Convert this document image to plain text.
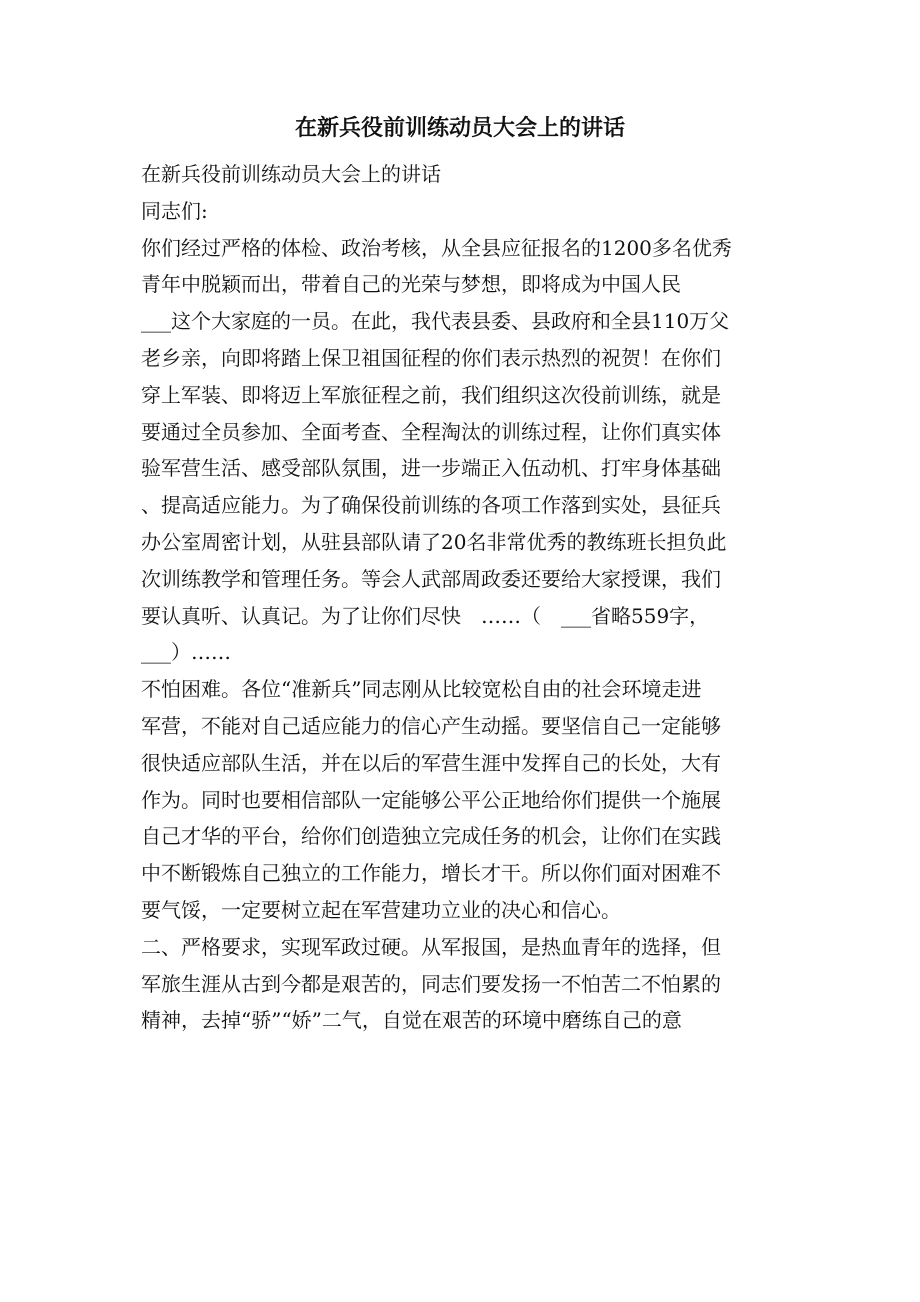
在新兵役前训练动员大会上的讲话
在新兵役前训练动员大会上的讲话
同志们:
你们经过严格的体检、政治考核，从全县应征报名的1200多名优秀
青年中脱颖而出，带着自己的光荣与梦想，即将成为中国人民
___这个大家庭的一员。在此，我代表县委、县政府和全县110万父
老乡亲，向即将踏上保卫祖国征程的你们表示热烈的祝贺！在你们
穿上军装、即将迈上军旅征程之前，我们组织这次役前训练，就是
要通过全员参加、全面考查、全程淘汰的训练过程，让你们真实体
验军营生活、感受部队氛围，进一步端正入伍动机、打牢身体基础
、提高适应能力。为了确保役前训练的各项工作落到实处，县征兵
办公室周密计划，从驻县部队请了20名非常优秀的教练班长担负此
次训练教学和管理任务。等会人武部周政委还要给大家授课，我们
要认真听、认真记。为了让你们尽快　……（　___省略559字，
___）……
不怕困难。各位“准新兵”同志刚从比较宽松自由的社会环境走进
军营，不能对自己适应能力的信心产生动摇。要坚信自己一定能够
很快适应部队生活，并在以后的军营生涯中发挥自己的长处，大有
作为。同时也要相信部队一定能够公平公正地给你们提供一个施展
自己才华的平台，给你们创造独立完成任务的机会，让你们在实践
中不断锻炼自己独立的工作能力，增长才干。所以你们面对困难不
要气馁，一定要树立起在军营建功立业的决心和信心。
二、严格要求，实现军政过硬。从军报国，是热血青年的选择，但
军旅生涯从古到今都是艰苦的，同志们要发扬一不怕苦二不怕累的
精神，去掉“骄”“娇”二气，自觉在艰苦的环境中磨练自己的意
